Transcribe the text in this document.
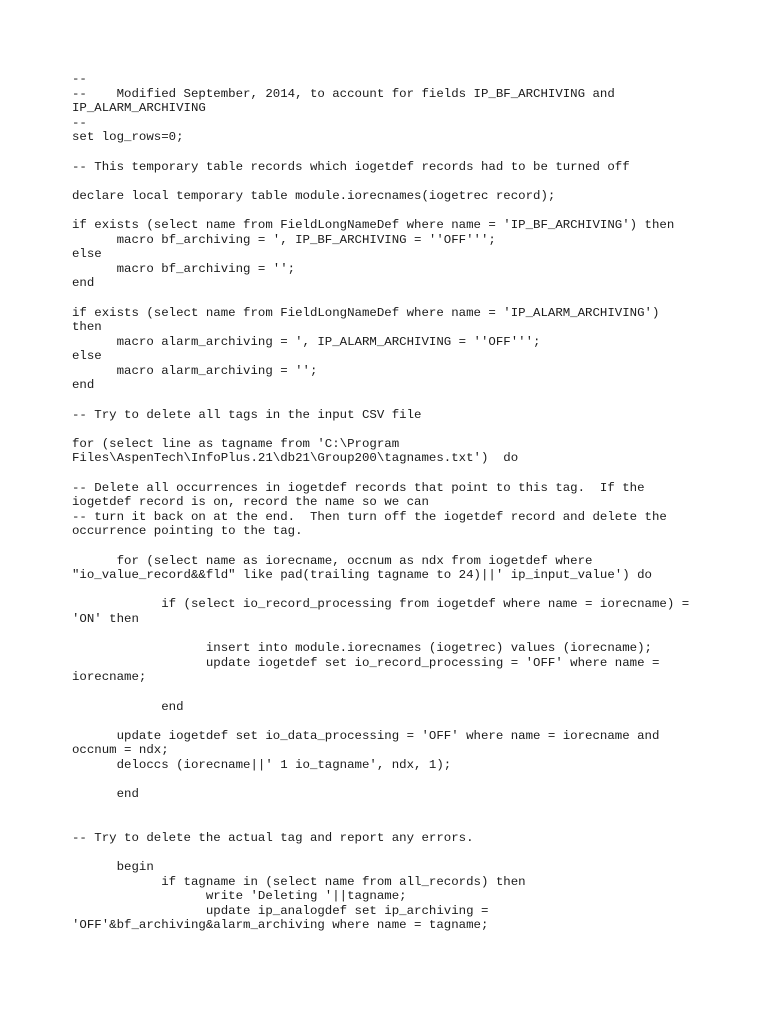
--
--    Modified September, 2014, to account for fields IP_BF_ARCHIVING and
IP_ALARM_ARCHIVING
--
set log_rows=0;

-- This temporary table records which iogetdef records had to be turned off

declare local temporary table module.iorecnames(iogetrec record);

if exists (select name from FieldLongNameDef where name = 'IP_BF_ARCHIVING') then
macro bf_archiving = ', IP_BF_ARCHIVING = ''OFF''';
else
macro bf_archiving = '';
end

if exists (select name from FieldLongNameDef where name = 'IP_ALARM_ARCHIVING')
then
macro alarm_archiving = ', IP_ALARM_ARCHIVING = ''OFF''';
else
macro alarm_archiving = '';
end

-- Try to delete all tags in the input CSV file

for (select line as tagname from 'C:\Program
Files\AspenTech\InfoPlus.21\db21\Group200\tagnames.txt')  do

-- Delete all occurrences in iogetdef records that point to this tag.  If the
iogetdef record is on, record the name so we can
-- turn it back on at the end.  Then turn off the iogetdef record and delete the
occurrence pointing to the tag.

for (select name as iorecname, occnum as ndx from iogetdef where
"io_value_record&&fld" like pad(trailing tagname to 24)||' ip_input_value') do

if (select io_record_processing from iogetdef where name = iorecname) =
'ON' then

insert into module.iorecnames (iogetrec) values (iorecname);
update iogetdef set io_record_processing = 'OFF' where name =
iorecname;

end

update iogetdef set io_data_processing = 'OFF' where name = iorecname and
occnum = ndx;
deloccs (iorecname||' 1 io_tagname', ndx, 1);

end

-- Try to delete the actual tag and report any errors.

begin
if tagname in (select name from all_records) then
write 'Deleting '||tagname;
update ip_analogdef set ip_archiving =
'OFF'&bf_archiving&alarm_archiving where name = tagname;
